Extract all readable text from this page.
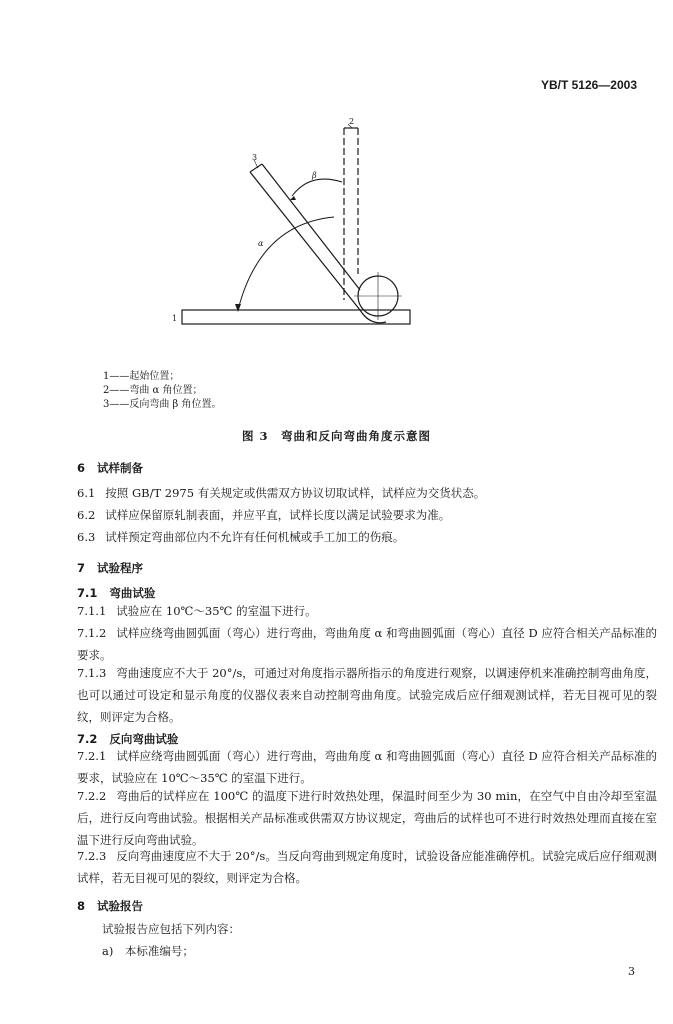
YB/T 5126—2003
2
3
1
β
α
1——起始位置；
2——弯曲 α 角位置；
3——反向弯曲 β 角位置。
图 3　弯曲和反向弯曲角度示意图
6 试样制备
6.1 按照 GB/T 2975 有关规定或供需双方协议切取试样，试样应为交货状态。
6.2 试样应保留原轧制表面，并应平直，试样长度以满足试验要求为准。
6.3 试样预定弯曲部位内不允许有任何机械或手工加工的伤痕。
7 试验程序
7.1 弯曲试验
7.1.1 试验应在 10℃～35℃ 的室温下进行。
7.1.2 试样应绕弯曲圆弧面（弯心）进行弯曲，弯曲角度 α 和弯曲圆弧面（弯心）直径 D 应符合相关产品标准的要求。
7.1.3 弯曲速度应不大于 20°/s，可通过对角度指示器所指示的角度进行观察，以调速停机来准确控制弯曲角度，也可以通过可设定和显示角度的仪器仪表来自动控制弯曲角度。试验完成后应仔细观测试样，若无目视可见的裂纹，则评定为合格。
7.2 反向弯曲试验
7.2.1 试样应绕弯曲圆弧面（弯心）进行弯曲，弯曲角度 α 和弯曲圆弧面（弯心）直径 D 应符合相关产品标准的要求，试验应在 10℃～35℃ 的室温下进行。
7.2.2 弯曲后的试样应在 100℃ 的温度下进行时效热处理，保温时间至少为 30 min，在空气中自由冷却至室温后，进行反向弯曲试验。根据相关产品标准或供需双方协议规定，弯曲后的试样也可不进行时效热处理而直接在室温下进行反向弯曲试验。
7.2.3 反向弯曲速度应不大于 20°/s。当反向弯曲到规定角度时，试验设备应能准确停机。试验完成后应仔细观测试样，若无目视可见的裂纹，则评定为合格。
8 试验报告
试验报告应包括下列内容：
a)　本标准编号；
3
